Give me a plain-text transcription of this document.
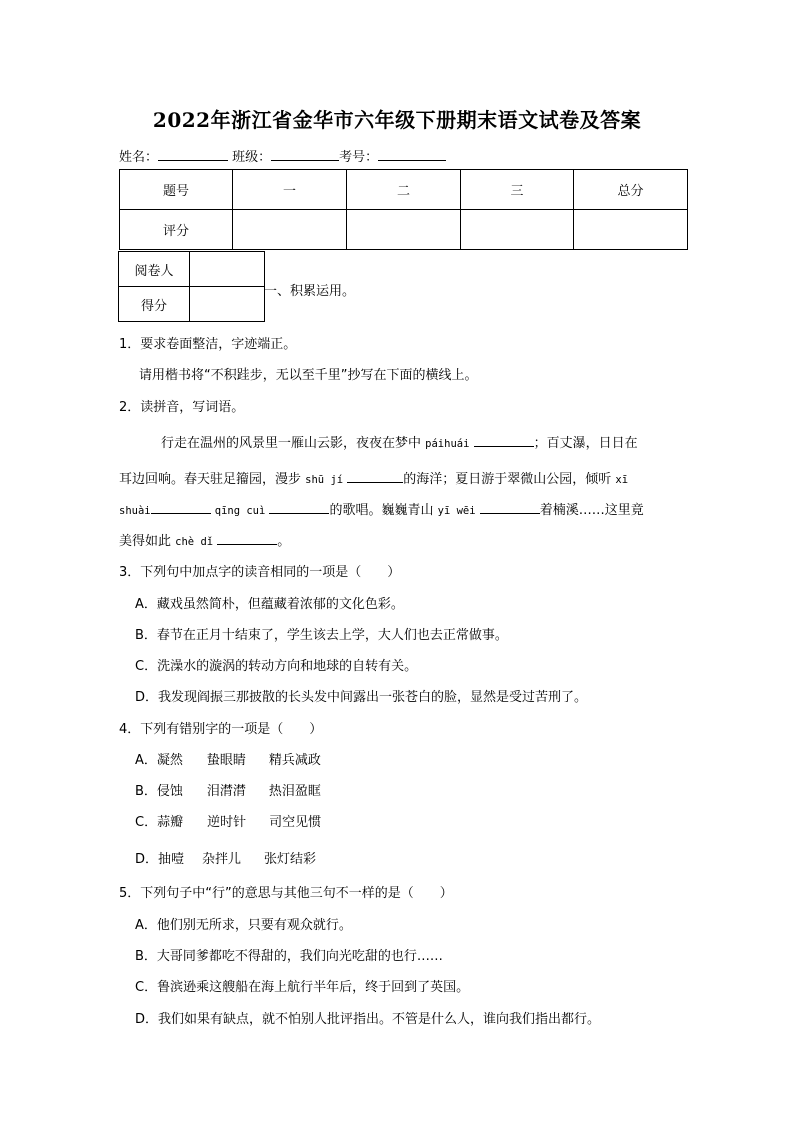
2022年浙江省金华市六年级下册期末语文试卷及答案
姓名：	班级：	考号：
题号	一	二	三	总分
评分				
阅卷人	
得分	
一、积累运用。
1．要求卷面整洁，字迹端正。
请用楷书将“不积跬步，无以至千里”抄写在下面的横线上。
2．读拼音，写词语。
行走在温州的风景里一雁山云影，夜夜在梦中 páihuái	；百丈瀑，日日在
耳边回响。春天驻足籀园，漫步 shū jí	的海洋；夏日游于翠微山公园，倾听 xī
shuài	qīng cuì	的歌唱。巍巍青山 yī wēi	着楠溪……这里竟
美得如此 chè dǐ	。
3．下列句中加点字的读音相同的一项是（　　）
A．藏戏虽然简朴，但蕴藏着浓郁的文化色彩。
B．春节在正月十结束了，学生该去上学，大人们也去正常做事。
C．洗澡水的漩涡的转动方向和地球的自转有关。
D．我发现阎振三那披散的长头发中间露出一张苍白的脸，显然是受过苦刑了。
4．下列有错别字的一项是（　　）
A．凝然 蛰眼睛 精兵减政
B．侵蚀 泪潸潸 热泪盈眶
C．蒜瓣 逆时针 司空见惯
D．抽噎 杂拌儿 张灯结彩
5．下列句子中“行”的意思与其他三句不一样的是（　　）
A．他们别无所求，只要有观众就行。
B．大哥同爹都吃不得甜的，我们向光吃甜的也行……
C．鲁滨逊乘这艘船在海上航行半年后，终于回到了英国。
D．我们如果有缺点，就不怕别人批评指出。不管是什么人，谁向我们指出都行。
